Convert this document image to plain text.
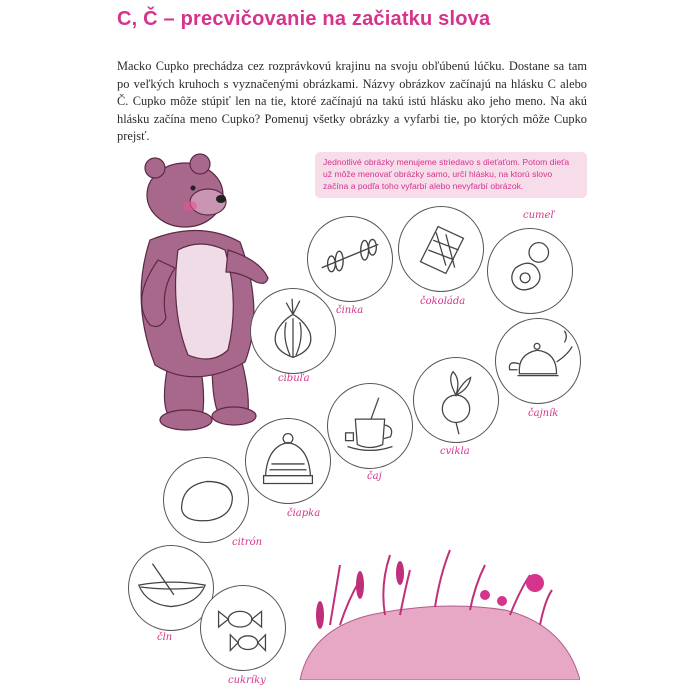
C, Č – precvičovanie na začiatku slova

Macko Cupko prechádza cez rozprávkovú krajinu na svoju obľúbenú lúčku. Dostane sa tam po veľkých kruhoch s vyznačenými obrázkami. Názvy obrázkov začínajú na hlásku C alebo Č. Cupko môže stúpiť len na tie, ktoré začínajú na takú istú hlásku ako jeho meno. Na akú hlásku začína meno Cupko? Pomenuj všetky obrázky a vyfarbi tie, po ktorých môže Cupko prejsť.

Jednotlivé obrázky menujeme striedavo s dieťaťom. Potom dieťa už môže menovať obrázky samo, určí hlásku, na ktorú slovo začína a podľa toho vyfarbí alebo nevyfarbí obrázok.

činka
čokoláda
cumeľ
cibuľa
čajník
cvikla
čaj
čiapka
citrón
čln
cukríky
